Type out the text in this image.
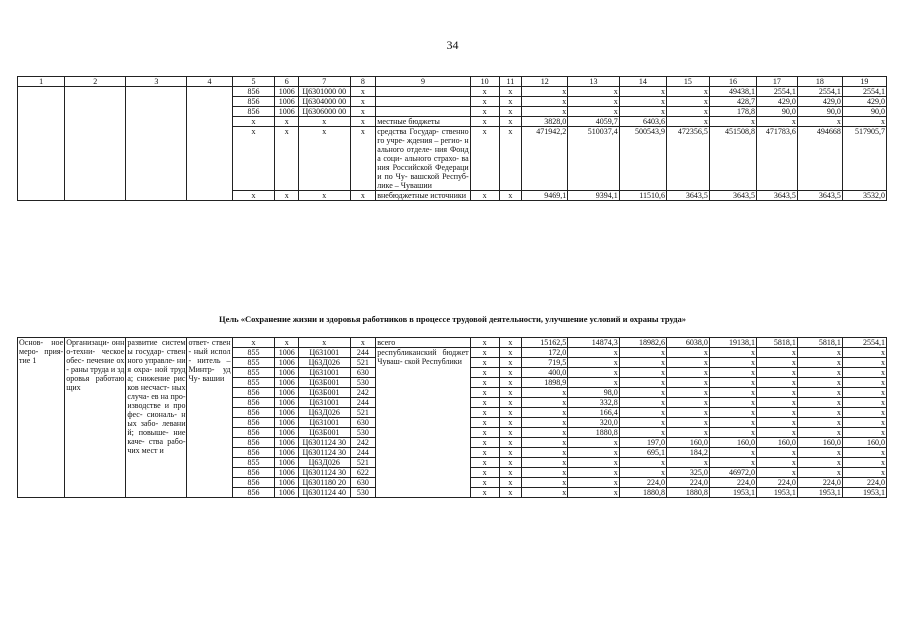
34
1	2	3	4	5	6	7	8	9	10	11	12	13	14	15	16	17	18	19
				856	1006	Ц6301000 00	x		x	x	x	x	x	x	49438,1	2554,1	2554,1	2554,1
				856	1006	Ц6304000 00	x		x	x	x	x	x	x	428,7	429,0	429,0	429,0
				856	1006	Ц6306000 00	x		x	x	x	x	x	x	178,8	90,0	90,0	90,0
				x	x	x	x	местные бюджеты	x	x	3828,0	4059,7	6403,6	x	x	x	x	x
				x	x	x	x	средства Государ- ственного учре- ждения – регио- нального отделе- ния Фонда соци- ального страхо- вания Российской Федерации по Чу- вашской Респуб- лике – Чувашии	x	x	471942,2	510037,4	500543,9	472356,5	451508,8	471783,6	494668	517905,7
				x	x	x	x	внебюджетные источники	x	x	9469,1	9394,1	11510,6	3643,5	3643,5	3643,5	3643,5	3532,0
Цель «Сохранение жизни и здоровья работников в процессе трудовой деятельности, улучшение условий и охраны труда»
Основ- ное меро- прия- тие 1	Организаци- онно-техни- ческое обес- печение ох- раны труда и здоровья работающих	развитие системы государ- ственного управле- ния охра- ной труда; снижение рисков несчаст- ных случа- ев на про- изводстве и профес- сиональ- ных забо- леваний; повыше- ние каче- ства рабо- чих мест и	ответ- ствен- ный испол- нитель – Минтр- уд Чу- вашии	x	x	x	x	всего	x	x	15162,5	14874,3	18982,6	6038,0	19138,1	5818,1	5818,1	2554,1
				855	1006	Ц631001	244	республиканский бюджет Чуваш- ской Республики	x	x	172,0	x	x	x	x	x	x	x
				855	1006	Ц63Д026	521		x	x	719,5	x	x	x	x	x	x	x
				855	1006	Ц631001	630		x	x	400,0	x	x	x	x	x	x	x
				855	1006	Ц63Б001	530		x	x	1898,9	x	x	x	x	x	x	x
				856	1006	Ц63Б001	242		x	x	x	98,0	x	x	x	x	x	x
				856	1006	Ц631001	244		x	x	x	332,8	x	x	x	x	x	x
				856	1006	Ц63Д026	521		x	x	x	166,4	x	x	x	x	x	x
				856	1006	Ц631001	630		x	x	x	320,0	x	x	x	x	x	x
				856	1006	Ц63Б001	530		x	x	x	1880,8	x	x	x	x	x	x
				856	1006	Ц6301124 30	242		x	x	x	x	197,0	160,0	160,0	160,0	160,0	160,0
				856	1006	Ц6301124 30	244		x	x	x	x	695,1	184,2	x	x	x	x
				855	1006	Ц63Д026	521		x	x	x	x	x	x	x	x	x	x
				856	1006	Ц6301124 30	622		x	x	x	x	x	325,0	46972,0	x	x	x
				856	1006	Ц6301180 20	630		x	x	x	x	224,0	224,0	224,0	224,0	224,0	224,0
				856	1006	Ц6301124 40	530		x	x	x	x	1880,8	1880,8	1953,1	1953,1	1953,1	1953,1
